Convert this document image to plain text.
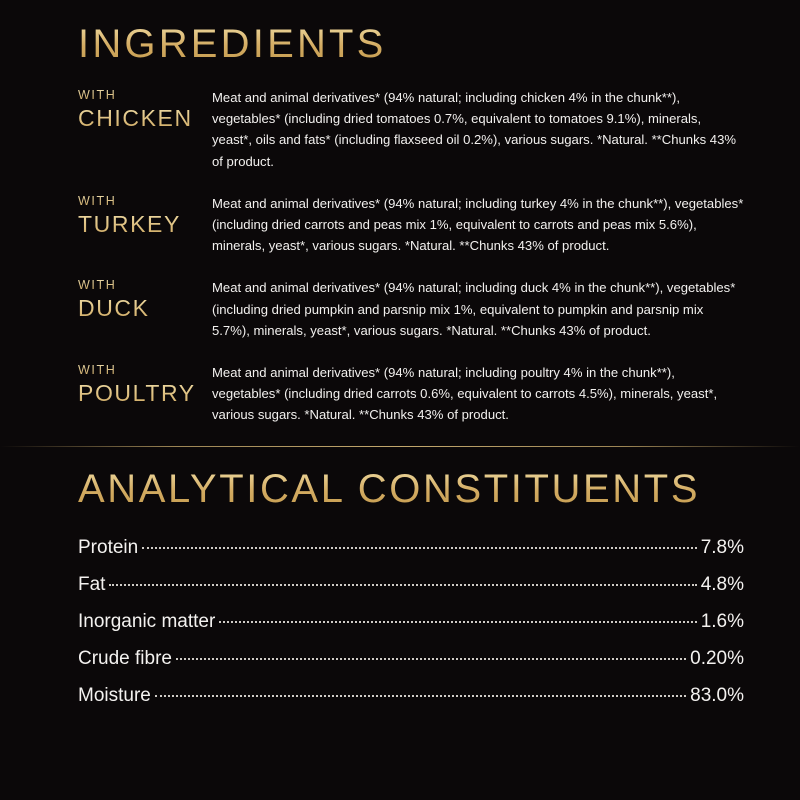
INGREDIENTS
WITH
CHICKEN
Meat and animal derivatives* (94% natural; including chicken 4% in the chunk**), vegetables* (including dried tomatoes 0.7%, equivalent to tomatoes 9.1%), minerals, yeast*, oils and fats* (including flaxseed oil 0.2%), various sugars. *Natural. **Chunks 43% of product.
WITH
TURKEY
Meat and animal derivatives* (94% natural; including turkey 4% in the chunk**), vegetables* (including dried carrots and peas mix 1%, equivalent to carrots and peas mix 5.6%), minerals, yeast*, various sugars. *Natural. **Chunks 43% of product.
WITH
DUCK
Meat and animal derivatives* (94% natural; including duck 4% in the chunk**), vegetables* (including dried pumpkin and parsnip mix 1%, equivalent to pumpkin and parsnip mix 5.7%), minerals, yeast*, various sugars. *Natural. **Chunks 43% of product.
WITH
POULTRY
Meat and animal derivatives* (94% natural; including poultry 4% in the chunk**), vegetables* (including dried carrots 0.6%, equivalent to carrots 4.5%), minerals, yeast*, various sugars. *Natural. **Chunks 43% of product.
ANALYTICAL CONSTITUENTS
Protein	7.8%
Fat	4.8%
Inorganic matter	1.6%
Crude fibre	0.20%
Moisture	83.0%
